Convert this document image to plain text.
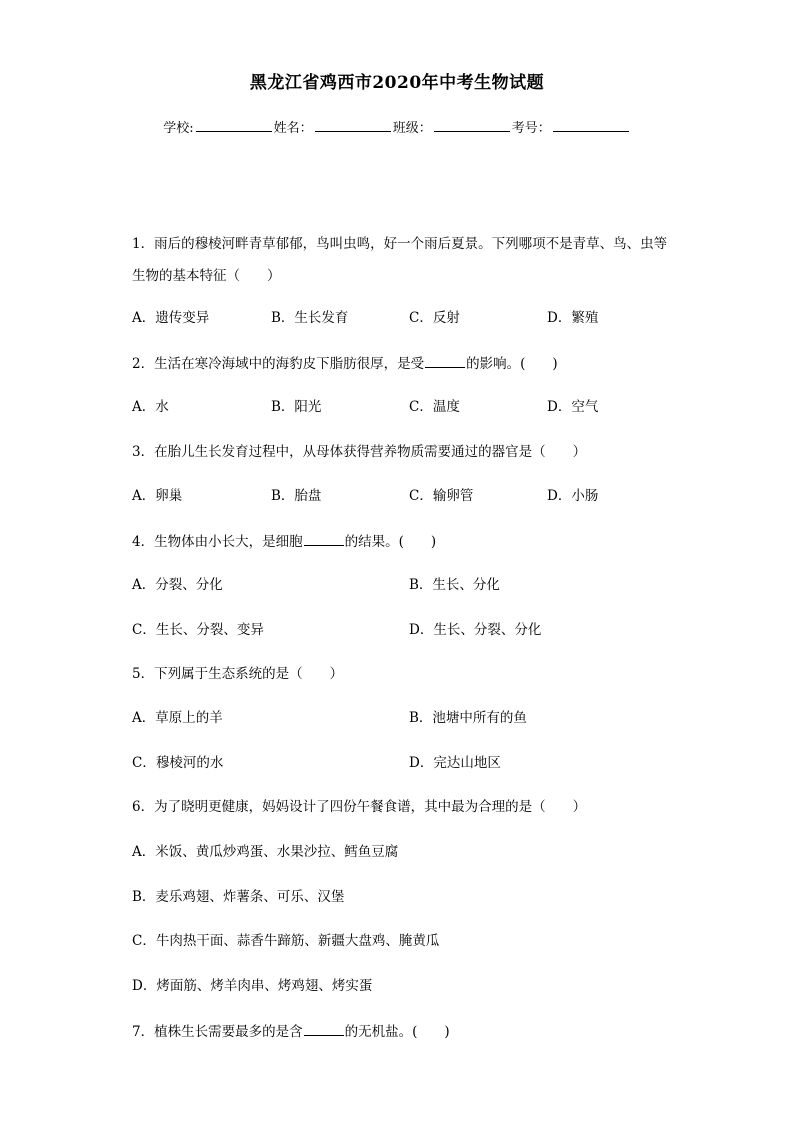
黑龙江省鸡西市2020年中考生物试题
学校:	姓名：	班级：	考号：
1．雨后的穆棱河畔青草郁郁，鸟叫虫鸣，好一个雨后夏景。下列哪项不是青草、鸟、虫等生物的基本特征（　　）
A．遗传变异	B．生长发育	C．反射	D．繁殖
2．生活在寒冷海域中的海豹皮下脂肪很厚，是受	的影响。(　　)
A．水	B．阳光	C．温度	D．空气
3．在胎儿生长发育过程中，从母体获得营养物质需要通过的器官是（　　）
A．卵巢	B．胎盘	C．输卵管	D．小肠
4．生物体由小长大，是细胞	的结果。(　　)
A．分裂、分化	B．生长、分化
C．生长、分裂、变异	D．生长、分裂、分化
5．下列属于生态系统的是（　　）
A．草原上的羊	B．池塘中所有的鱼
C．穆棱河的水	D．完达山地区
6．为了晓明更健康，妈妈设计了四份午餐食谱，其中最为合理的是（　　）
A．米饭、黄瓜炒鸡蛋、水果沙拉、鳕鱼豆腐
B．麦乐鸡翅、炸薯条、可乐、汉堡
C．牛肉热干面、蒜香牛蹄筋、新疆大盘鸡、腌黄瓜
D．烤面筋、烤羊肉串、烤鸡翅、烤实蛋
7．植株生长需要最多的是含	的无机盐。(　　)
